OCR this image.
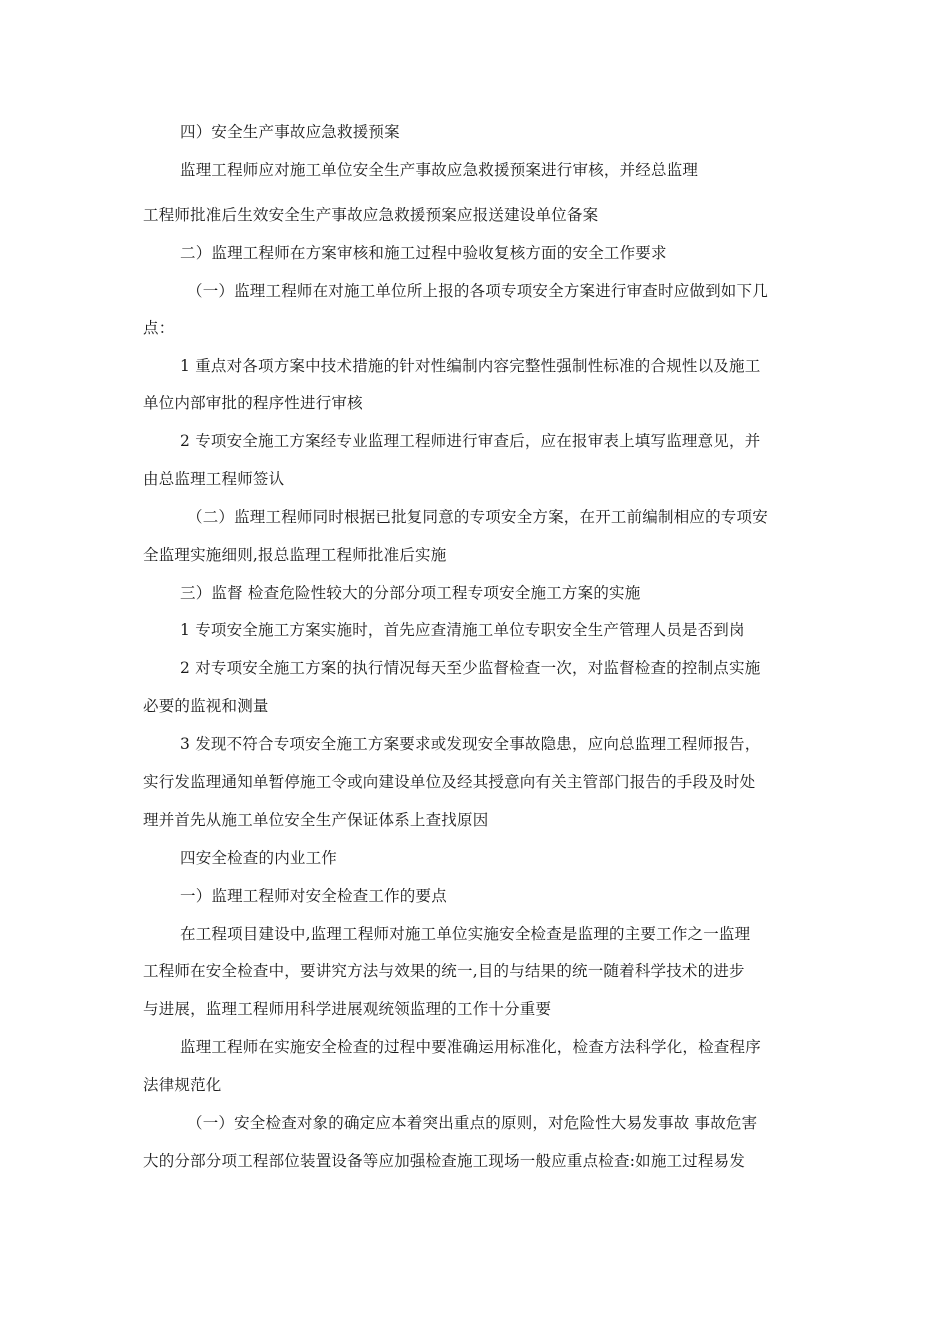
四）安全生产事故应急救援预案
监理工程师应对施工单位安全生产事故应急救援预案进行审核，并经总监理
工程师批准后生效安全生产事故应急救援预案应报送建设单位备案
二）监理工程师在方案审核和施工过程中验收复核方面的安全工作要求
（一）监理工程师在对施工单位所上报的各项专项安全方案进行审查时应做到如下几
点：
1 重点对各项方案中技术措施的针对性编制内容完整性强制性标准的合规性以及施工
单位内部审批的程序性进行审核
2 专项安全施工方案经专业监理工程师进行审查后，应在报审表上填写监理意见，并
由总监理工程师签认
（二）监理工程师同时根据已批复同意的专项安全方案，在开工前编制相应的专项安
全监理实施细则,报总监理工程师批准后实施
三）监督 检查危险性较大的分部分项工程专项安全施工方案的实施
1 专项安全施工方案实施时，首先应查清施工单位专职安全生产管理人员是否到岗
2 对专项安全施工方案的执行情况每天至少监督检查一次，对监督检查的控制点实施
必要的监视和测量
3 发现不符合专项安全施工方案要求或发现安全事故隐患，应向总监理工程师报告，
实行发监理通知单暂停施工令或向建设单位及经其授意向有关主管部门报告的手段及时处
理并首先从施工单位安全生产保证体系上查找原因
四安全检查的内业工作
一）监理工程师对安全检查工作的要点
在工程项目建设中,监理工程师对施工单位实施安全检查是监理的主要工作之一监理
工程师在安全检查中，要讲究方法与效果的统一,目的与结果的统一随着科学技术的进步
与进展，监理工程师用科学进展观统领监理的工作十分重要
监理工程师在实施安全检查的过程中要准确运用标准化，检查方法科学化，检查程序
法律规范化
（一）安全检查对象的确定应本着突出重点的原则，对危险性大易发事故 事故危害
大的分部分项工程部位装置设备等应加强检查施工现场一般应重点检查:如施工过程易发
